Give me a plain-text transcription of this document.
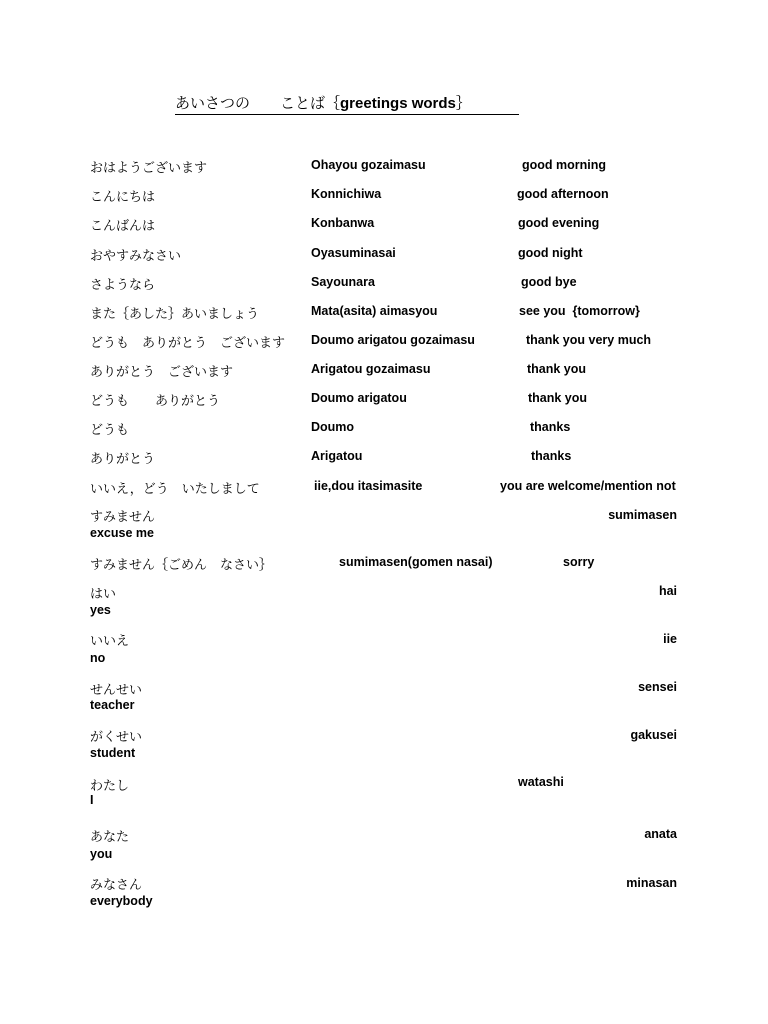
あいさつの　　ことば｛greetings words｝
おはようございます	Ohayou gozaimasu	good morning
こんにちは	Konnichiwa	good afternoon
こんばんは	Konbanwa	good evening
おやすみなさい	Oyasuminasai	good night
さようなら	Sayounara	good bye
また｛あした｝あいましょう	Mata(asita) aimasyou	see you  {tomorrow}
どうも　ありがとう　ございます Doumo arigatou gozaimasu	thank you very much
ありがとう　ございます	Arigatou gozaimasu	thank you
どうも　　ありがとう	Doumo arigatou	thank you
どうも	Doumo	thanks
ありがとう	Arigatou	thanks
いいえ，どう　いたしまして	iie,dou itasimasite	you are welcome/mention not
すみません	sumimasen
excuse me
すみません｛ごめん　なさい｝	sumimasen(gomen nasai)	sorry
はい	hai
yes
いいえ	iie
no
せんせい	sensei
teacher
がくせい	gakusei
student
わたし	watashi
I
あなた	anata
you
みなさん	minasan
everybody
